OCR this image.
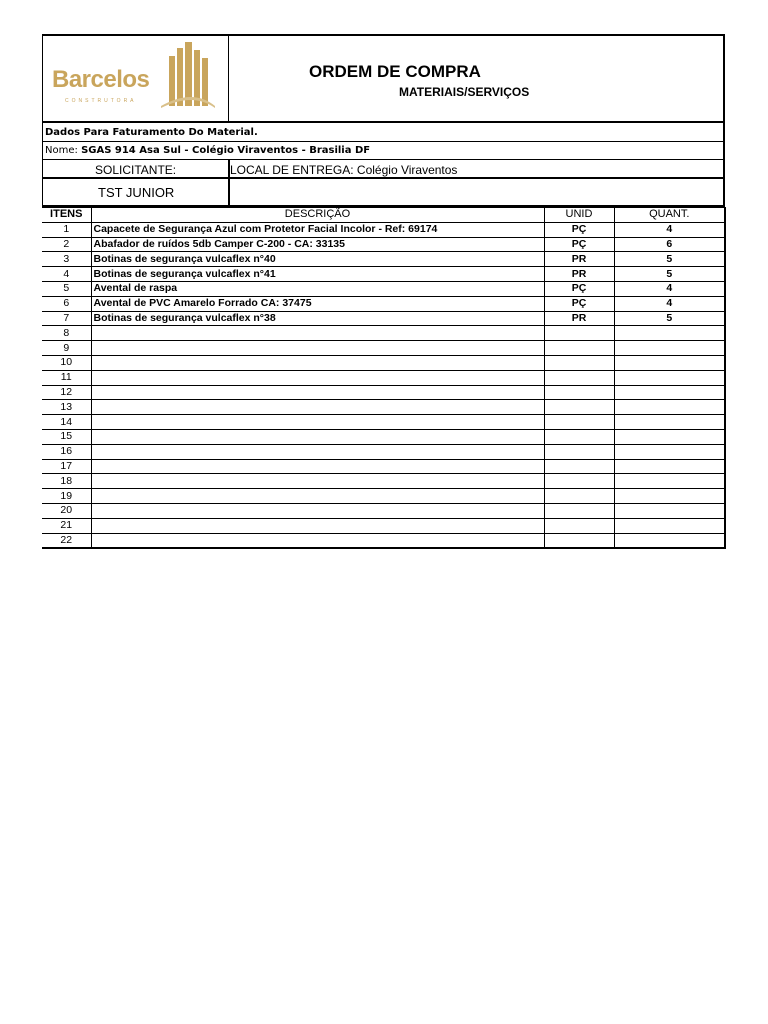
Barcelos
CONSTRUTORA
ORDEM DE COMPRA
MATERIAIS/SERVIÇOS
Dados Para Faturamento Do Material.
Nome: SGAS 914 Asa Sul - Colégio Viraventos - Brasilia DF
SOLICITANTE:	LOCAL DE ENTREGA: Colégio Viraventos
TST JUNIOR
ITENS	DESCRIÇÃO	UNID	QUANT.
1	Capacete de Segurança Azul com Protetor Facial Incolor - Ref: 69174	PÇ	4
2	Abafador de ruídos 5db Camper C-200 - CA: 33135	PÇ	6
3	Botinas de segurança vulcaflex n°40	PR	5
4	Botinas de segurança vulcaflex n°41	PR	5
5	Avental de raspa	PÇ	4
6	Avental de PVC Amarelo Forrado CA: 37475	PÇ	4
7	Botinas de segurança vulcaflex n°38	PR	5
8			
9			
10			
11			
12			
13			
14			
15			
16			
17			
18			
19			
20			
21			
22			
